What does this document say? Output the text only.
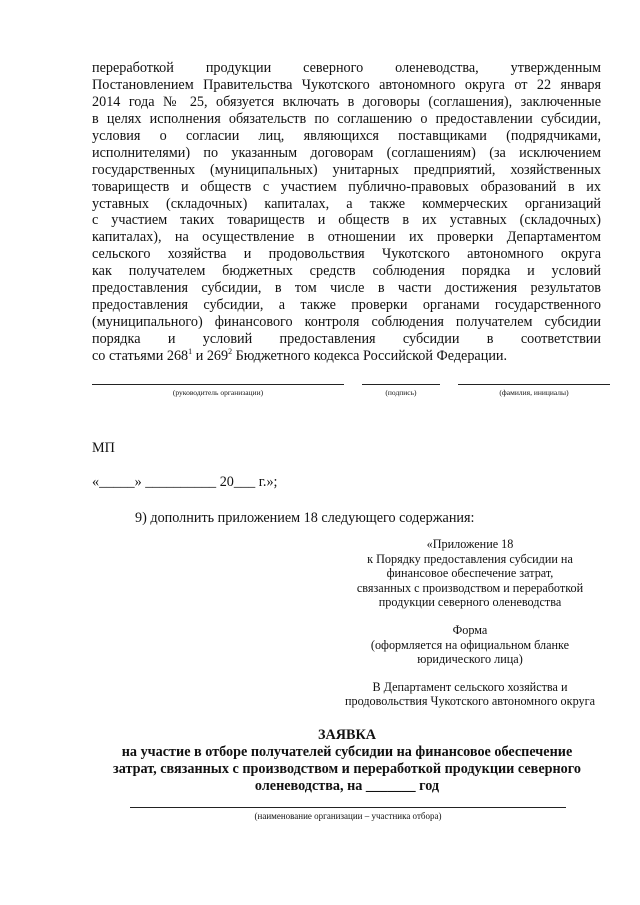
переработкой продукции северного оленеводства, утвержденным
Постановлением Правительства Чукотского автономного округа от 22 января
2014 года № 25, обязуется включать в договоры (соглашения), заключенные
в целях исполнения обязательств по соглашению о предоставлении субсидии,
условия о согласии лиц, являющихся поставщиками (подрядчиками,
исполнителями) по указанным договорам (соглашениям) (за исключением
государственных (муниципальных) унитарных предприятий, хозяйственных
товариществ и обществ с участием публично-правовых образований в их
уставных (складочных) капиталах, а также коммерческих организаций
с участием таких товариществ и обществ в их уставных (складочных)
капиталах), на осуществление в отношении их проверки Департаментом
сельского хозяйства и продовольствия Чукотского автономного округа
как получателем бюджетных средств соблюдения порядка и условий
предоставления субсидии, в том числе в части достижения результатов
предоставления субсидии, а также проверки органами государственного
(муниципального) финансового контроля соблюдения получателем субсидии
порядка и условий предоставления субсидии в соответствии
со статьями $268^1$ и $269^2$ Бюджетного кодекса Российской Федерации.
(руководитель организации)	(подпись)	(фамилия, инициалы)
МП
«_____» __________ 20___ г.»;
9) дополнить приложением 18 следующего содержания:
«Приложение 18
к Порядку предоставления субсидии на
финансовое обеспечение затрат,
связанных с производством и переработкой
продукции северного оленеводства
Форма
(оформляется на официальном бланке
юридического лица)
В Департамент сельского хозяйства и
продовольствия Чукотского автономного округа
ЗАЯВКА
на участие в отборе получателей субсидии на финансовое обеспечение
затрат, связанных с производством и переработкой продукции северного
оленеводства, на _______ год
(наименование организации – участника отбора)
